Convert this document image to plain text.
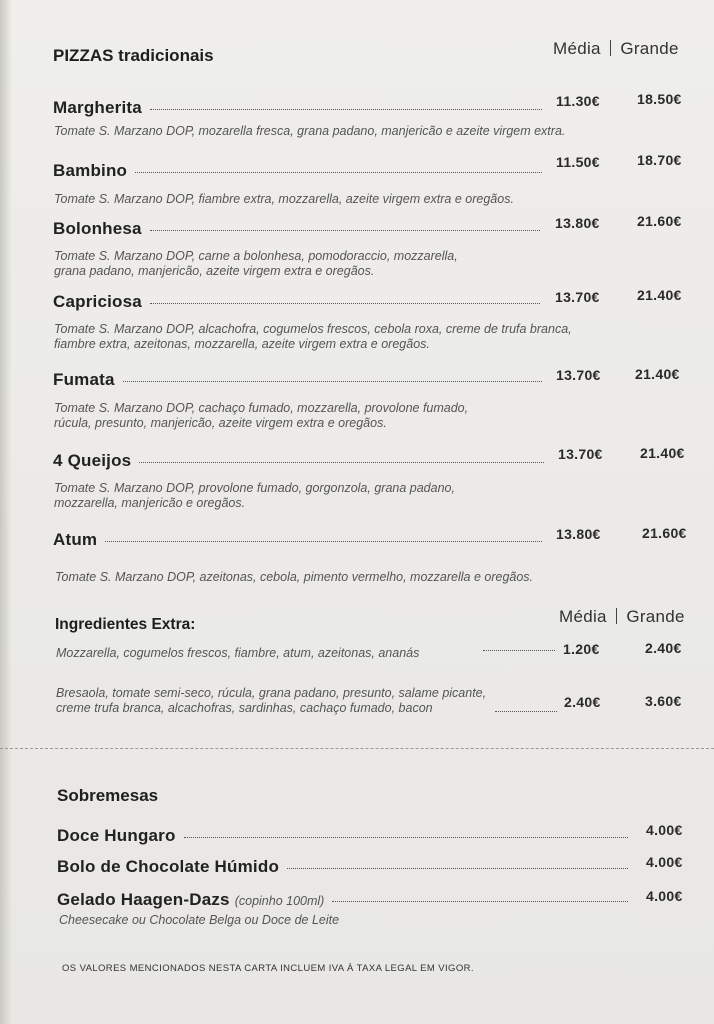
PIZZAS tradicionais	Média Grande
Margherita	11.30€	18.50€
Tomate S. Marzano DOP, mozarella fresca, grana padano, manjericão e azeite virgem extra.
Bambino	11.50€	18.70€
Tomate S. Marzano DOP, fiambre extra, mozzarella, azeite virgem extra e oregãos.
Bolonhesa	13.80€	21.60€
Tomate S. Marzano DOP, carne a bolonhesa, pomodoraccio, mozzarella,
grana padano, manjericão, azeite virgem extra e oregãos.
Capriciosa	13.70€	21.40€
Tomate S. Marzano DOP, alcachofra, cogumelos frescos, cebola roxa, creme de trufa branca,
fiambre extra, azeitonas, mozzarella, azeite virgem extra e oregãos.
Fumata	13.70€ 21.40€
Tomate S. Marzano DOP, cachaço fumado, mozzarella, provolone fumado,
rúcula, presunto, manjericão, azeite virgem extra e oregãos.
4 Queijos	13.70€	21.40€
Tomate S. Marzano DOP, provolone fumado, gorgonzola, grana padano,
mozzarella, manjericão e oregãos.
Atum	13.80€	21.60€
Tomate S. Marzano DOP, azeitonas, cebola, pimento vermelho, mozzarella e oregãos.
Ingredientes Extra:	Média Grande
Mozzarella, cogumelos frescos, fiambre, atum, azeitonas, ananás	1.20€	2.40€
Bresaola, tomate semi-seco, rúcula, grana padano, presunto, salame picante,
creme trufa branca, alcachofras, sardinhas, cachaço fumado, bacon	2.40€	3.60€
Sobremesas
Doce Hungaro	4.00€
Bolo de Chocolate Húmido	4.00€
Gelado Haagen-Dazs (copinho 100ml)	4.00€
Cheesecake ou Chocolate Belga ou Doce de Leite
OS VALORES MENCIONADOS NESTA CARTA INCLUEM IVA À TAXA LEGAL EM VIGOR.
